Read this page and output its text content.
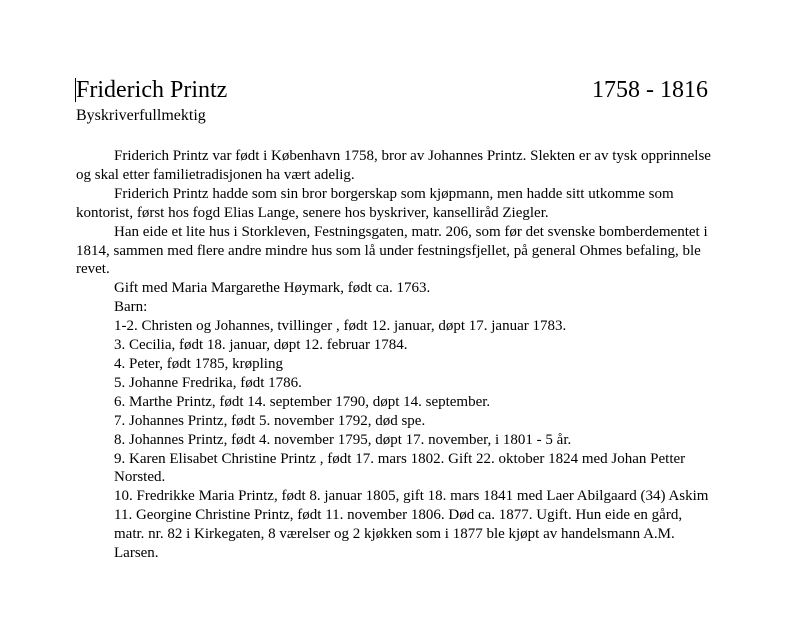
Friderich Printz	1758 - 1816
Byskriverfullmektig

Friderich Printz var født i København 1758, bror av Johannes Printz. Slekten er av tysk opprinnelse og skal etter familietradisjonen ha vært adelig.

Friderich Printz hadde som sin bror borgerskap som kjøpmann, men hadde sitt utkomme som kontorist, først hos fogd Elias Lange, senere hos byskriver, kanselliråd Ziegler.

Han eide et lite hus i Storkleven, Festningsgaten, matr. 206, som før det svenske bomberdementet i 1814, sammen med flere andre mindre hus som lå under festningsfjellet, på general Ohmes befaling, ble revet.

Gift med Maria Margarethe Høymark, født ca. 1763.

Barn:

1-2. Christen og Johannes, tvillinger , født 12. januar, døpt 17. januar 1783.

3. Cecilia, født 18. januar, døpt 12. februar 1784.

4. Peter, født 1785, krøpling

5. Johanne Fredrika, født 1786.

6. Marthe Printz, født 14. september 1790, døpt 14. september.

7. Johannes Printz, født 5. november 1792, død spe.

8. Johannes Printz, født 4. november 1795, døpt 17. november, i 1801 - 5 år.

9. Karen Elisabet Christine Printz , født 17. mars 1802. Gift 22. oktober 1824 med Johan Petter Norsted.

10. Fredrikke Maria Printz, født 8. januar 1805, gift 18. mars 1841 med Laer Abilgaard (34) Askim

11. Georgine Christine Printz, født 11. november 1806. Død ca. 1877. Ugift. Hun eide en gård, matr. nr. 82 i Kirkegaten, 8 værelser og 2 kjøkken som i 1877 ble kjøpt av handelsmann A.M. Larsen.
